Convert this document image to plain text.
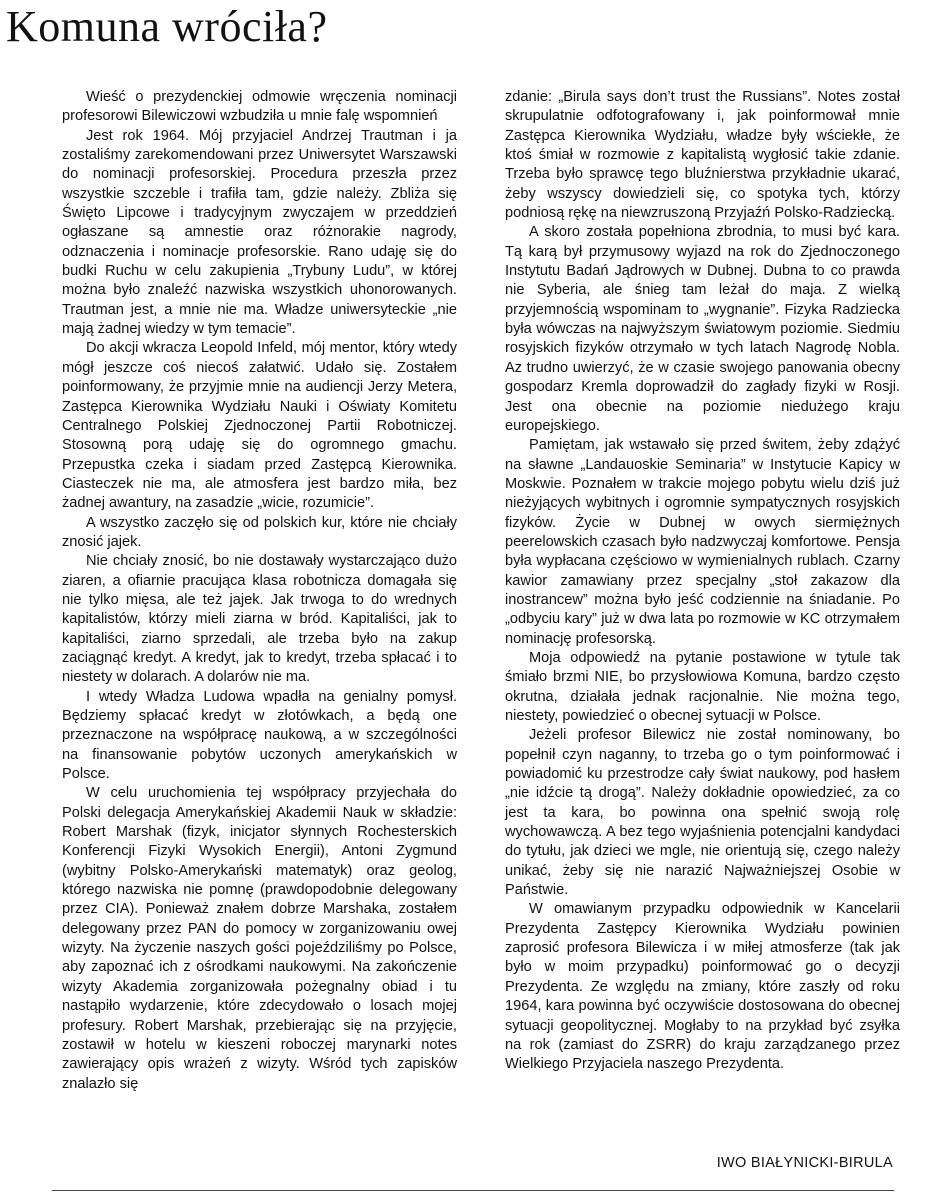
Komuna wróciła?

Wieść o prezydenckiej odmowie wręczenia nominacji profesorowi Bilewiczowi wzbudziła u mnie falę wspomnień

Jest rok 1964. Mój przyjaciel Andrzej Trautman i ja zostaliśmy zarekomendowani przez Uniwersytet Warszawski do nominacji profesorskiej. Procedura przeszła przez wszystkie szczeble i trafiła tam, gdzie należy. Zbliża się Święto Lipcowe i tradycyjnym zwyczajem w przeddzień ogłaszane są amnestie oraz różnorakie nagrody, odznaczenia i nominacje profesorskie. Rano udaję się do budki Ruchu w celu zakupienia „Trybuny Ludu”, w której można było znaleźć nazwiska wszystkich uhonorowanych. Trautman jest, a mnie nie ma. Władze uniwersyteckie „nie mają żadnej wiedzy w tym temacie”.

Do akcji wkracza Leopold Infeld, mój mentor, który wtedy mógł jeszcze coś niecoś załatwić. Udało się. Zostałem poinformowany, że przyjmie mnie na audiencji Jerzy Metera, Zastępca Kierownika Wydziału Nauki i Oświaty Komitetu Centralnego Polskiej Zjednoczonej Partii Robotniczej. Stosowną porą udaję się do ogromnego gmachu. Przepustka czeka i siadam przed Zastępcą Kierownika. Ciasteczek nie ma, ale atmosfera jest bardzo miła, bez żadnej awantury, na zasadzie „wicie, rozumicie”.

A wszystko zaczęło się od polskich kur, które nie chciały znosić jajek.

Nie chciały znosić, bo nie dostawały wystarczająco dużo ziaren, a ofiarnie pracująca klasa robotnicza domagała się nie tylko mięsa, ale też jajek. Jak trwoga to do wrednych kapitalistów, którzy mieli ziarna w bród. Kapitaliści, jak to kapitaliści, ziarno sprzedali, ale trzeba było na zakup zaciągnąć kredyt. A kredyt, jak to kredyt, trzeba spłacać i to niestety w dolarach. A dolarów nie ma.

I wtedy Władza Ludowa wpadła na genialny pomysł. Będziemy spłacać kredyt w złotówkach, a będą one przeznaczone na współpracę naukową, a w szczególności na finansowanie pobytów uczonych amerykańskich w Polsce.

W celu uruchomienia tej współpracy przyjechała do Polski delegacja Amerykańskiej Akademii Nauk w składzie: Robert Marshak (fizyk, inicjator słynnych Rochesterskich Konferencji Fizyki Wysokich Energii), Antoni Zygmund (wybitny Polsko-Amerykański matematyk) oraz geolog, którego nazwiska nie pomnę (prawdopodobnie delegowany przez CIA). Ponieważ znałem dobrze Marshaka, zostałem delegowany przez PAN do pomocy w zorganizowaniu owej wizyty. Na życzenie naszych gości pojeździliśmy po Polsce, aby zapoznać ich z ośrodkami naukowymi. Na zakończenie wizyty Akademia zorganizowała pożegnalny obiad i tu nastąpiło wydarzenie, które zdecydowało o losach mojej profesury. Robert Marshak, przebierając się na przyjęcie, zostawił w hotelu w kieszeni roboczej marynarki notes zawierający opis wrażeń z wizyty. Wśród tych zapisków znalazło się

zdanie: „Birula says don’t trust the Russians”. Notes został skrupulatnie odfotografowany i, jak poinformował mnie Zastępca Kierownika Wydziału, władze były wściekłe, że ktoś śmiał w rozmowie z kapitalistą wygłosić takie zdanie. Trzeba było sprawcę tego bluźnierstwa przykładnie ukarać, żeby wszyscy dowiedzieli się, co spotyka tych, którzy podniosą rękę na niewzruszoną Przyjaźń Polsko-Radziecką.

A skoro została popełniona zbrodnia, to musi być kara. Tą karą był przymusowy wyjazd na rok do Zjednoczonego Instytutu Badań Jądrowych w Dubnej. Dubna to co prawda nie Syberia, ale śnieg tam leżał do maja. Z wielką przyjemnością wspominam to „wygnanie”. Fizyka Radziecka była wówczas na najwyższym światowym poziomie. Siedmiu rosyjskich fizyków otrzymało w tych latach Nagrodę Nobla. Az trudno uwierzyć, że w czasie swojego panowania obecny gospodarz Kremla doprowadził do zagłady fizyki w Rosji. Jest ona obecnie na poziomie niedużego kraju europejskiego.

Pamiętam, jak wstawało się przed świtem, żeby zdążyć na sławne „Landauoskie Seminaria” w Instytucie Kapicy w Moskwie. Poznałem w trakcie mojego pobytu wielu dziś już nieżyjących wybitnych i ogromnie sympatycznych rosyjskich fizyków. Życie w Dubnej w owych siermiężnych peerelowskich czasach było nadzwyczaj komfortowe. Pensja była wypłacana częściowo w wymienialnych rublach. Czarny kawior zamawiany przez specjalny „stoł zakazow dla inostrancew” można było jeść codziennie na śniadanie. Po „odbyciu kary” już w dwa lata po rozmowie w KC otrzymałem nominację profesorską.

Moja odpowiedź na pytanie postawione w tytule tak śmiało brzmi NIE, bo przysłowiowa Komuna, bardzo często okrutna, działała jednak racjonalnie. Nie można tego, niestety, powiedzieć o obecnej sytuacji w Polsce.

Jeżeli profesor Bilewicz nie został nominowany, bo popełnił czyn naganny, to trzeba go o tym poinformować i powiadomić ku przestrodze cały świat naukowy, pod hasłem „nie idźcie tą drogą”. Należy dokładnie opowiedzieć, za co jest ta kara, bo powinna ona spełnić swoją rolę wychowawczą. A bez tego wyjaśnienia potencjalni kandydaci do tytułu, jak dzieci we mgle, nie orientują się, czego należy unikać, żeby się nie narazić Najważniejszej Osobie w Państwie.

W omawianym przypadku odpowiednik w Kancelarii Prezydenta Zastępcy Kierownika Wydziału powinien zaprosić profesora Bilewicza i w miłej atmosferze (tak jak było w moim przypadku) poinformować go o decyzji Prezydenta. Ze względu na zmiany, które zaszły od roku 1964, kara powinna być oczywiście dostosowana do obecnej sytuacji geopolitycznej. Mogłaby to na przykład być zsyłka na rok (zamiast do ZSRR) do kraju zarządzanego przez Wielkiego Przyjaciela naszego Prezydenta.

IWO BIAŁYNICKI-BIRULA
